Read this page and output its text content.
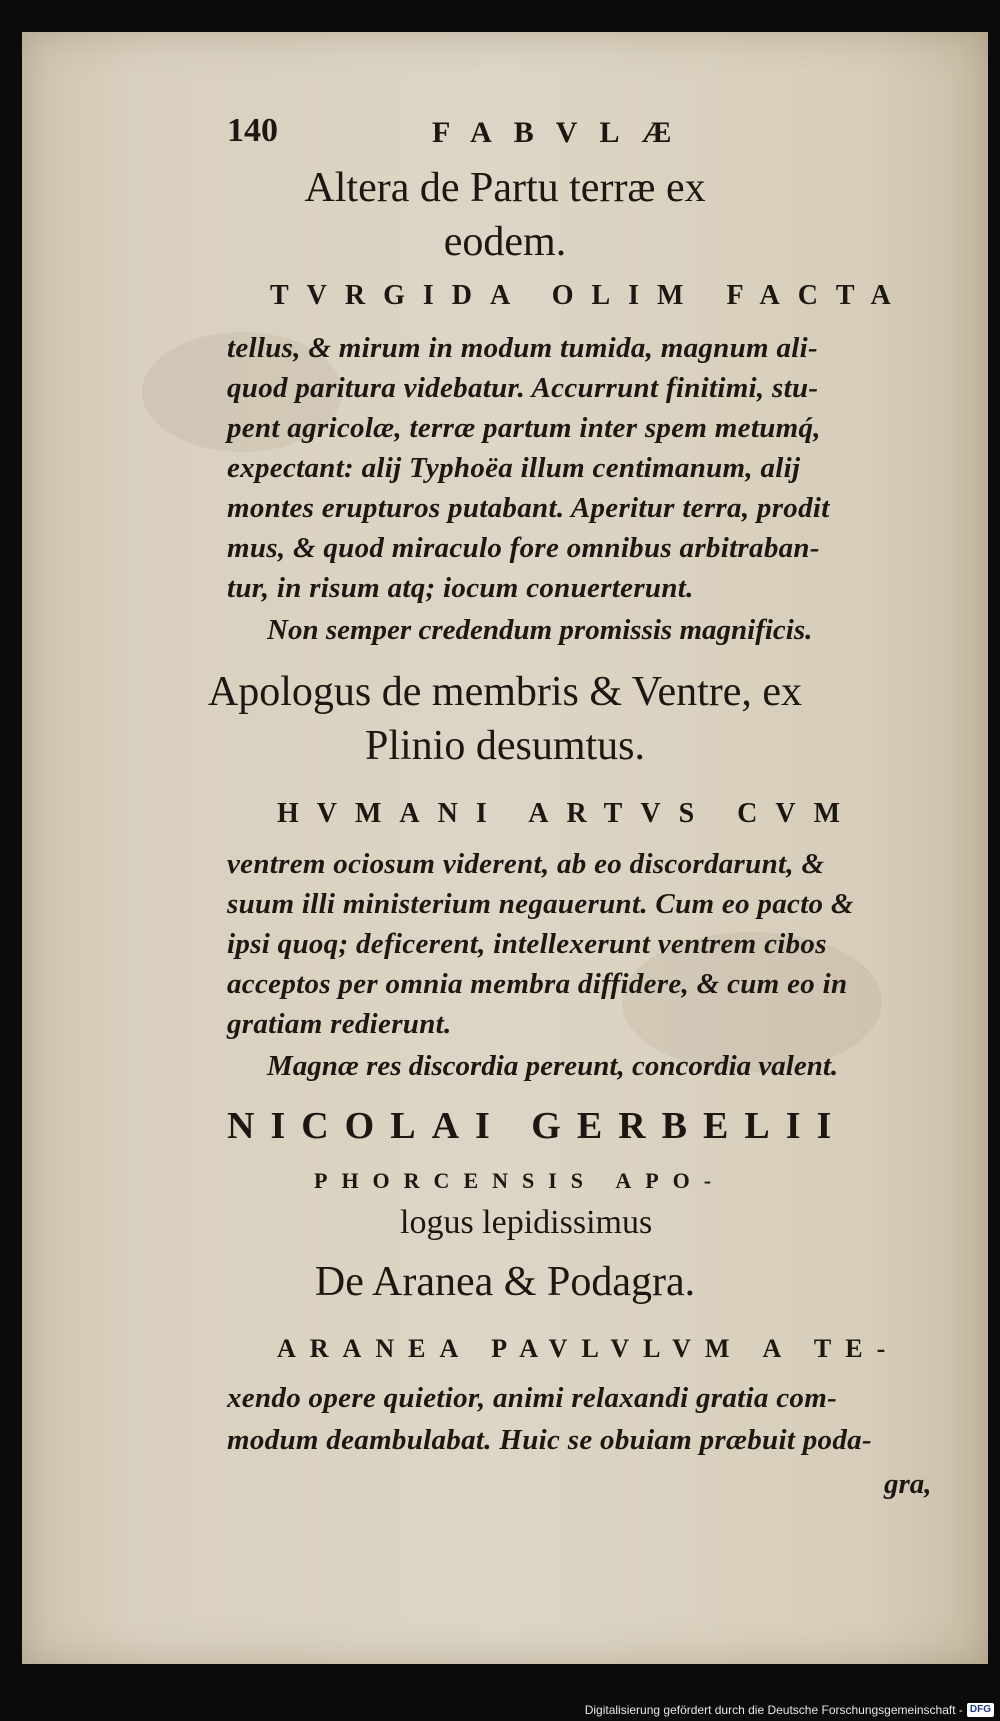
140	FABVLÆ
Altera de Partu terræ ex
eodem.
TVRGIDA OLIM FACTA
tellus, & mirum in modum tumida, magnum ali-
quod paritura videbatur. Accurrunt finitimi, stu-
pent agricolæ, terræ partum inter spem metumq́,
expectant: alij Typhoëa illum centimanum, alij
montes erupturos putabant. Aperitur terra, prodit
mus, & quod miraculo fore omnibus arbitraban-
tur, in risum atq; iocum conuerterunt.
Non semper credendum promissis magnificis.
Apologus de membris & Ventre, ex
Plinio desumtus.
HVMANI ARTVS CVM
ventrem ociosum viderent, ab eo discordarunt, &
suum illi ministerium negauerunt. Cum eo pacto &
ipsi quoq; deficerent, intellexerunt ventrem cibos
acceptos per omnia membra diffidere, & cum eo in
gratiam redierunt.
Magnæ res discordia pereunt, concordia valent.
NICOLAI GERBELII
PHORCENSIS APO-
logus lepidissimus
De Aranea & Podagra.
ARANEA PAVLVLVM A TE-
xendo opere quietior, animi relaxandi gratia com-
modum deambulabat. Huic se obuiam præbuit poda-
gra,
Digitalisierung gefördert durch die Deutsche Forschungsgemeinschaft - DFG
